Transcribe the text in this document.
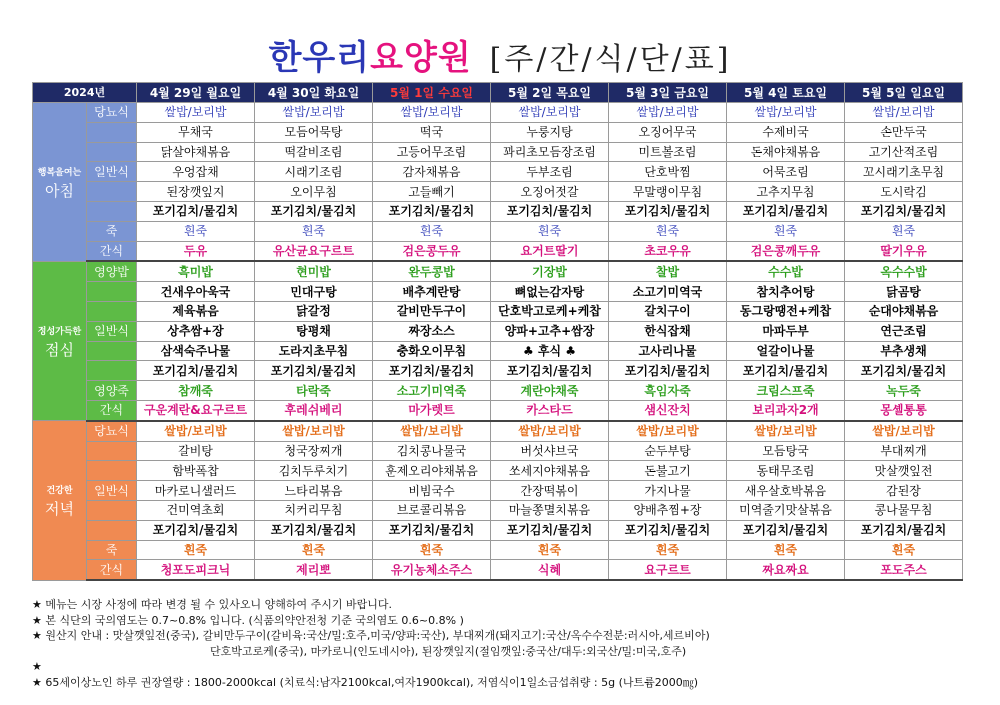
한우리요양원 [주/간/식/단/표]
2024년		4월 29일 월요일	4월 30일 화요일	5월 1일 수요일	5월 2일 목요일	5월 3일 금요일	5월 4일 토요일	5월 5일 일요일

행복을여는
아침	당뇨식	쌀밥/보리밥	쌀밥/보리밥	쌀밥/보리밥	쌀밥/보리밥	쌀밥/보리밥	쌀밥/보리밥	쌀밥/보리밥
		무채국	모듬어묵탕	떡국	누룽지탕	오징어무국	수제비국	손만두국
		닭살야채볶음	떡갈비조림	고등어무조림	꽈리초모듬장조림	미트볼조림	돈채야채볶음	고기산적조림
	일반식	우엉잡채	시래기조림	감자채볶음	두부조림	단호박찜	어묵조림	꼬시래기초무침
		된장깻잎지	오이무침	고들빼기	오징어젓갈	무말랭이무침	고추지무침	도시락김
		포기김치/물김치	포기김치/물김치	포기김치/물김치	포기김치/물김치	포기김치/물김치	포기김치/물김치	포기김치/물김치
	죽	흰죽	흰죽	흰죽	흰죽	흰죽	흰죽	흰죽
	간식	두유	유산균요구르트	검은콩두유	요거트딸기	초코우유	검은콩깨두유	딸기우유

정성가득한
점심	영양밥	흑미밥	현미밥	완두콩밥	기장밥	찰밥	수수밥	옥수수밥
		건새우아욱국	민대구탕	배추계란탕	뼈없는감자탕	소고기미역국	참치추어탕	닭곰탕
		제육볶음	닭갈정	갈비만두구이	단호박고로케+케찹	갈치구이	동그랑땡전+케찹	순대야채볶음
	일반식	상추쌈+장	탕평채	짜장소스	양파+고추+쌈장	한식잡채	마파두부	연근조림
		삼색숙주나물	도라지초무침	충화오이무침	♣ 후식 ♣	고사리나물	얼갈이나물	부추생채
		포기김치/물김치	포기김치/물김치	포기김치/물김치	포기김치/물김치	포기김치/물김치	포기김치/물김치	포기김치/물김치
	영양죽	참깨죽	타락죽	소고기미역죽	계란야채죽	흑임자죽	크림스프죽	녹두죽
	간식	구운계란&요구르트	후레쉬베리	마가렛트	카스타드	샘신잔치	보리과자2개	몽셸통통

건강한
저녁	당뇨식	쌀밥/보리밥	쌀밥/보리밥	쌀밥/보리밥	쌀밥/보리밥	쌀밥/보리밥	쌀밥/보리밥	쌀밥/보리밥
		갈비탕	청국장찌개	김치콩나물국	버섯샤브국	순두부탕	모듬탕국	부대찌개
		함박폭찹	김치두루치기	훈제오리야채볶음	쏘세지야채볶음	돈불고기	동태무조림	맛살깻잎전
	일반식	마카로니샐러드	느타리볶음	비빔국수	간장떡볶이	가지나물	새우살호박볶음	감된장
		건미역초회	치커리무침	브로콜리볶음	마늘쫑멸치볶음	양배추찜+장	미역줄기맛살볶음	콩나물무침
		포기김치/물김치	포기김치/물김치	포기김치/물김치	포기김치/물김치	포기김치/물김치	포기김치/물김치	포기김치/물김치
	죽	흰죽	흰죽	흰죽	흰죽	흰죽	흰죽	흰죽
	간식	청포도피크닉	제리뽀	유기농체소주스	식혜	요구르트	짜요짜요	포도주스
★ 메뉴는 시장 사정에 따라 변경 될 수 있사오니 양해하여 주시기 바랍니다.
★ 본 식단의 국의염도는 0.7~0.8% 입니다. (식품의약안전청 기준 국의염도 0.6~0.8% )
★ 원산지 안내 : 맛살깻잎전(중국), 갈비만두구이(갈비육:국산/밀:호주,미국/양파:국산), 부대찌개(돼지고기:국산/옥수수전분:러시아,세르비아)
단호박고로케(중국), 마카로니(인도네시아), 된장깻잎지(절임깻잎:중국산/대두:외국산/밀:미국,호주)
★
★ 65세이상노인 하루 권장열량 : 1800-2000kcal (치료식:남자2100kcal,여자1900kcal), 저염식이1일소금섭취량 : 5g (나트륨2000㎎)
